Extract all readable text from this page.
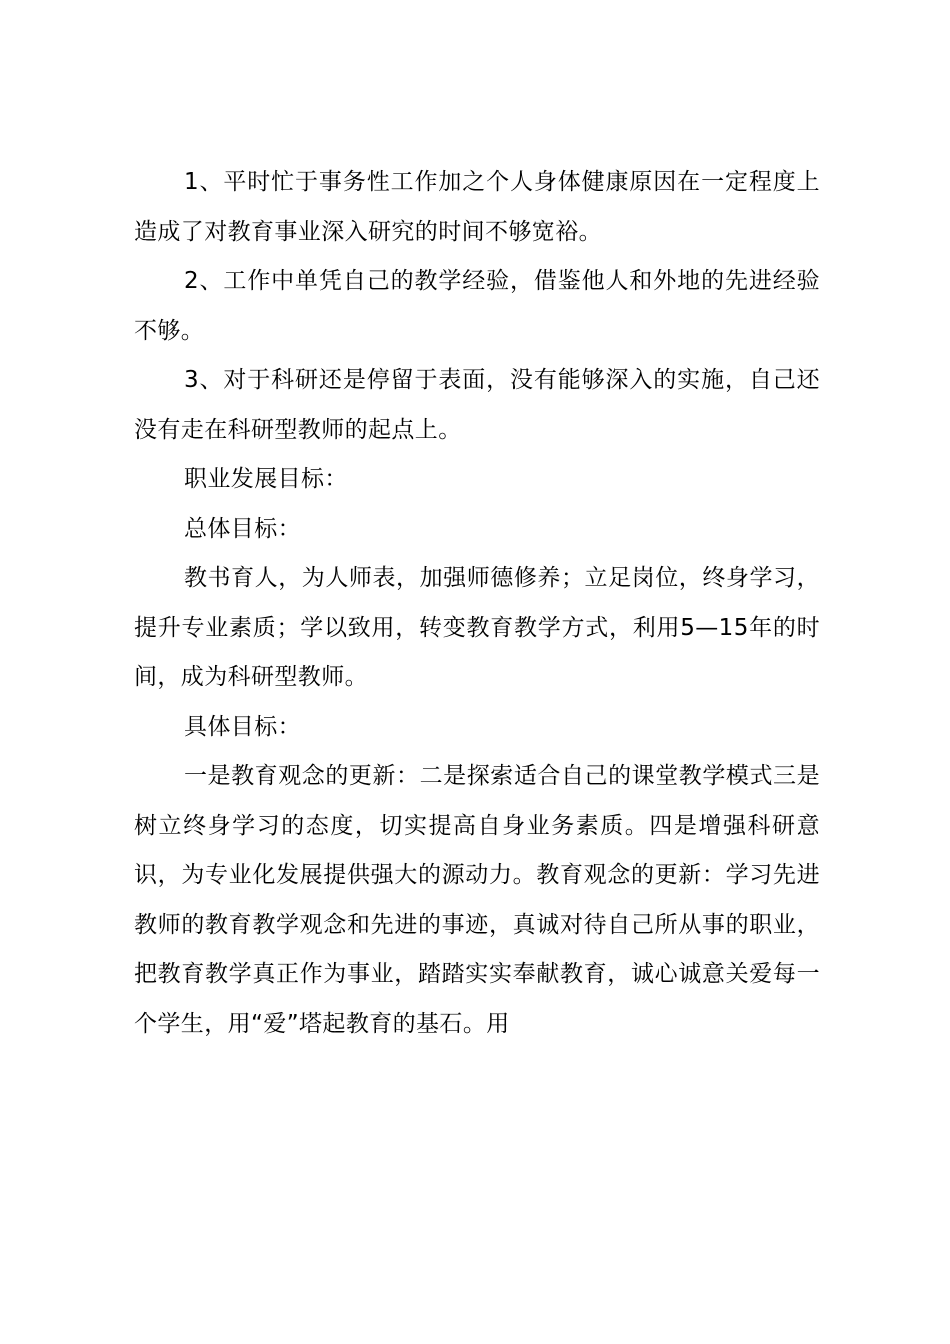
1、平时忙于事务性工作加之个人身体健康原因在一定程度上造成了对教育事业深入研究的时间不够宽裕。

2、工作中单凭自己的教学经验，借鉴他人和外地的先进经验不够。

3、对于科研还是停留于表面，没有能够深入的实施，自己还没有走在科研型教师的起点上。

职业发展目标：

总体目标：

教书育人，为人师表，加强师德修养；立足岗位，终身学习，提升专业素质；学以致用，转变教育教学方式，利用5—15年的时间，成为科研型教师。

具体目标：

一是教育观念的更新：二是探索适合自己的课堂教学模式三是树立终身学习的态度，切实提高自身业务素质。四是增强科研意识，为专业化发展提供强大的源动力。教育观念的更新：学习先进教师的教育教学观念和先进的事迹，真诚对待自己所从事的职业，把教育教学真正作为事业，踏踏实实奉献教育，诚心诚意关爱每一个学生，用“爱”塔起教育的基石。用
